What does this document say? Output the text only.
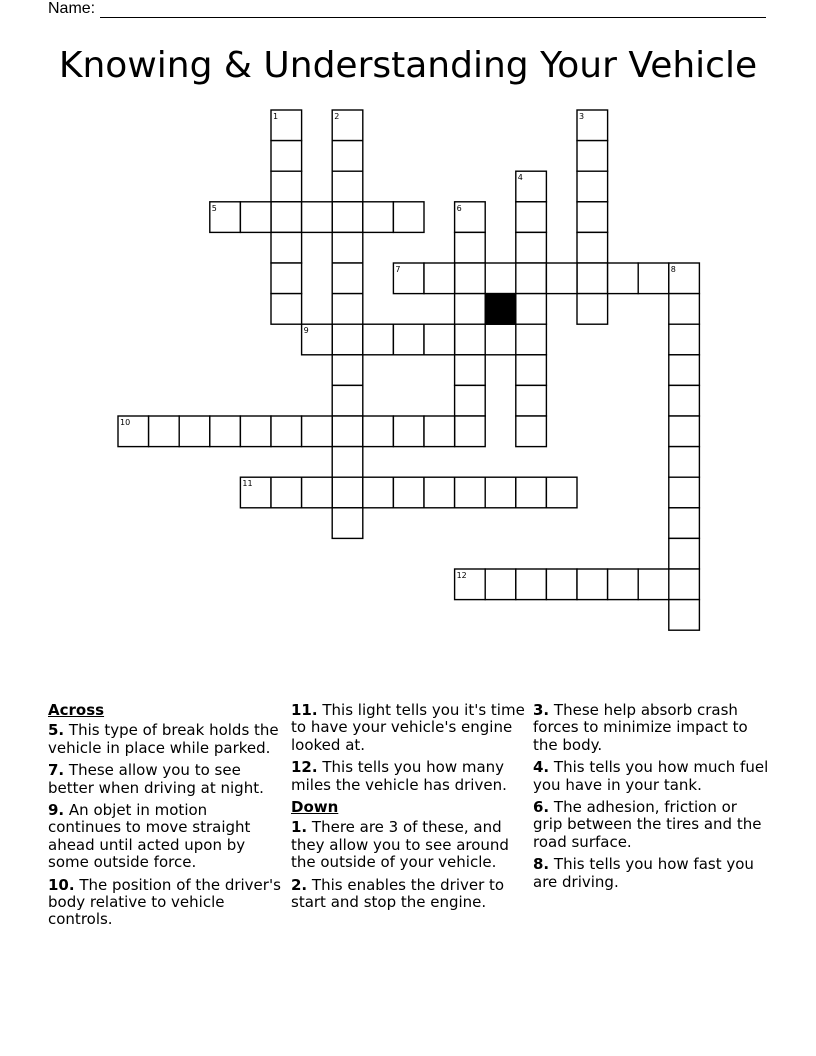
Name:
Knowing & Understanding Your Vehicle
1	2	3
4
5	6
7	8
9
10
11
12
Across
5. This type of break holds the vehicle in place while parked.
7. These allow you to see better when driving at night.
9. An objet in motion continues to move straight ahead until acted upon by some outside force.
10. The position of the driver's body relative to vehicle controls.
11. This light tells you it's time to have your vehicle's engine looked at.
12. This tells you how many miles the vehicle has driven.
Down
1. There are 3 of these, and they allow you to see around the outside of your vehicle.
2. This enables the driver to start and stop the engine.
3. These help absorb crash forces to minimize impact to the body.
4. This tells you how much fuel you have in your tank.
6. The adhesion, friction or grip between the tires and the road surface.
8. This tells you how fast you are driving.
